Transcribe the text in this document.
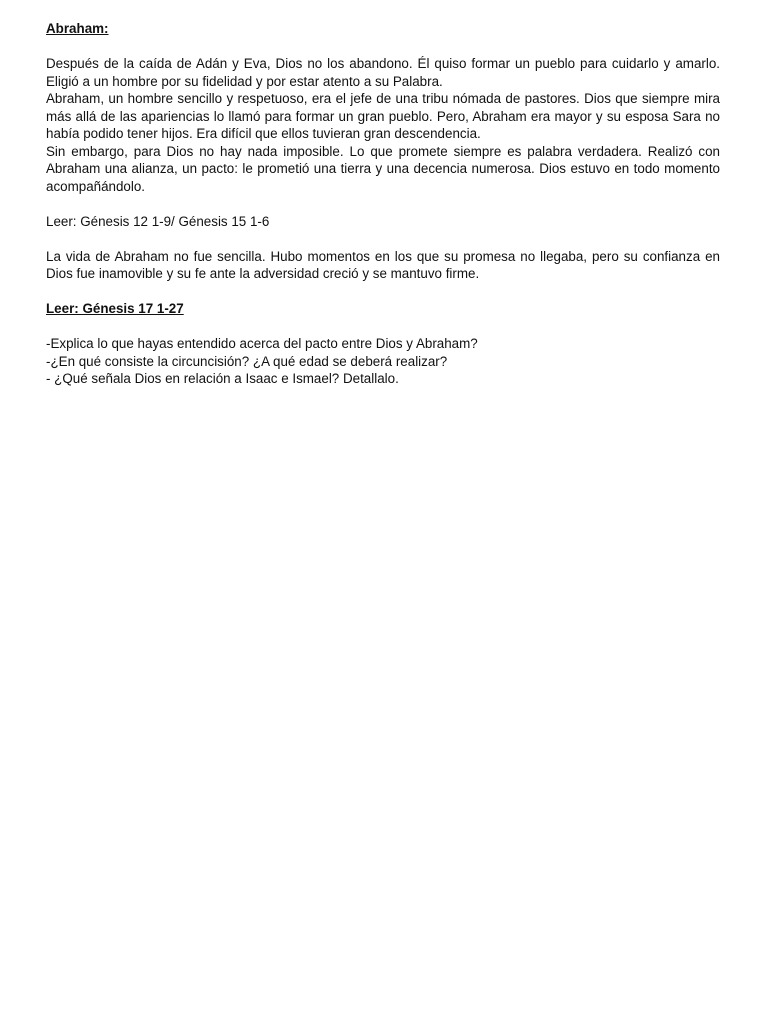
Abraham:

Después de la caída de Adán y Eva, Dios no los abandono. Él quiso formar un pueblo para cuidarlo y amarlo. Eligió a un hombre por su fidelidad y por estar atento a su Palabra.

Abraham, un hombre sencillo y respetuoso, era el jefe de una tribu nómada de pastores. Dios que siempre mira más allá de las apariencias lo llamó para formar un gran pueblo. Pero, Abraham era mayor y su esposa Sara no había podido tener hijos. Era difícil que ellos tuvieran gran descendencia.

Sin embargo, para Dios no hay nada imposible. Lo que promete siempre es palabra verdadera. Realizó con Abraham una alianza, un pacto: le prometió una tierra y una decencia numerosa. Dios estuvo en todo momento acompañándolo.

Leer: Génesis 12 1-9/ Génesis 15 1-6

La vida de Abraham no fue sencilla. Hubo momentos en los que su promesa no llegaba, pero su confianza en Dios fue inamovible y su fe ante la adversidad creció y se mantuvo firme.

Leer: Génesis 17 1-27

-Explica lo que hayas entendido acerca del pacto entre Dios y Abraham?

-¿En qué consiste la circuncisión? ¿A qué edad se deberá realizar?

- ¿Qué señala Dios en relación a Isaac e Ismael? Detallalo.
